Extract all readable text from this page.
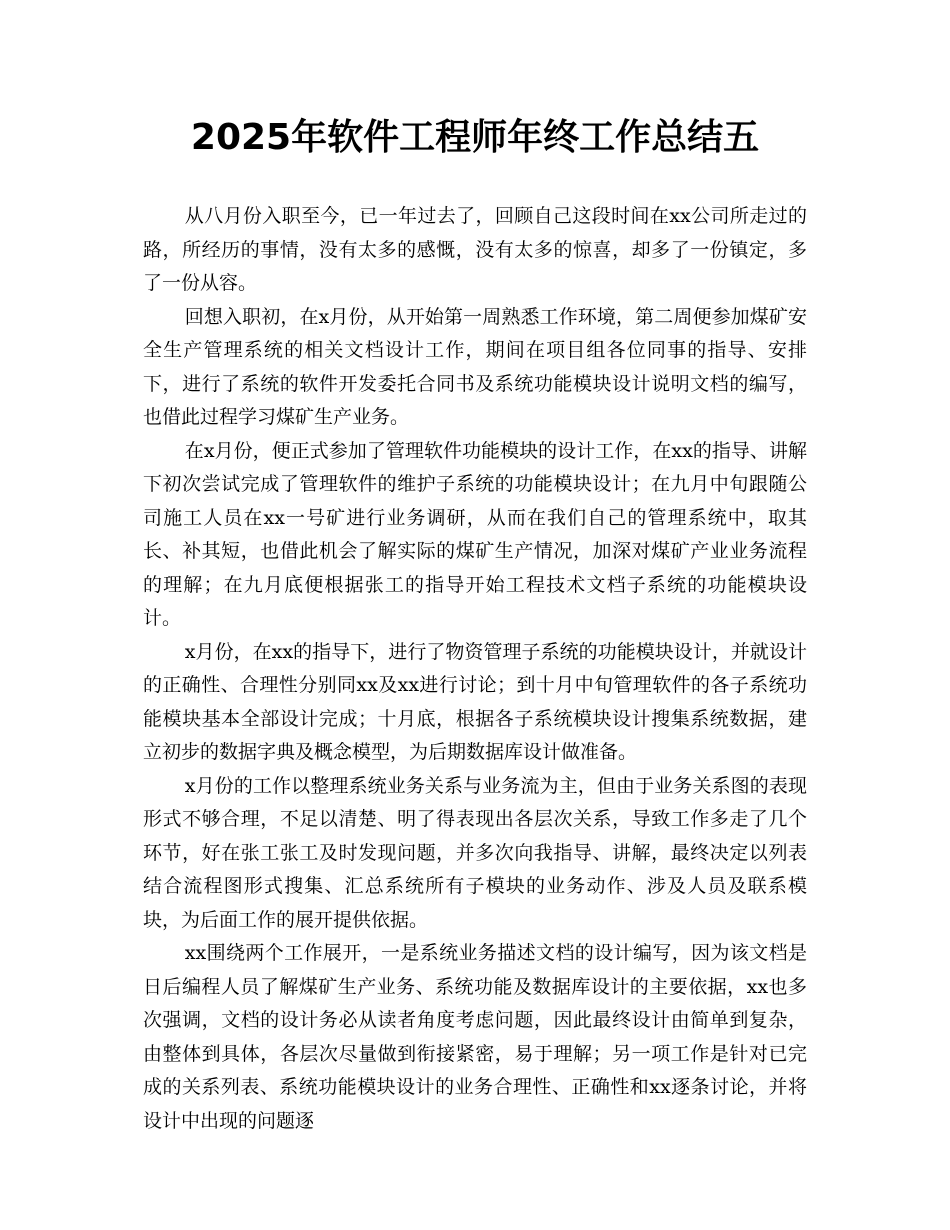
2025年软件工程师年终工作总结五

从八月份入职至今，已一年过去了，回顾自己这段时间在xx公司所走过的路，所经历的事情，没有太多的感慨，没有太多的惊喜，却多了一份镇定，多了一份从容。

回想入职初，在x月份，从开始第一周熟悉工作环境，第二周便参加煤矿安全生产管理系统的相关文档设计工作，期间在项目组各位同事的指导、安排下，进行了系统的软件开发委托合同书及系统功能模块设计说明文档的编写，也借此过程学习煤矿生产业务。

在x月份，便正式参加了管理软件功能模块的设计工作，在xx的指导、讲解下初次尝试完成了管理软件的维护子系统的功能模块设计；在九月中旬跟随公司施工人员在xx一号矿进行业务调研，从而在我们自己的管理系统中，取其长、补其短，也借此机会了解实际的煤矿生产情况，加深对煤矿产业业务流程的理解；在九月底便根据张工的指导开始工程技术文档子系统的功能模块设计。

x月份，在xx的指导下，进行了物资管理子系统的功能模块设计，并就设计的正确性、合理性分别同xx及xx进行讨论；到十月中旬管理软件的各子系统功能模块基本全部设计完成；十月底，根据各子系统模块设计搜集系统数据，建立初步的数据字典及概念模型，为后期数据库设计做准备。

x月份的工作以整理系统业务关系与业务流为主，但由于业务关系图的表现形式不够合理，不足以清楚、明了得表现出各层次关系，导致工作多走了几个环节，好在张工张工及时发现问题，并多次向我指导、讲解，最终决定以列表结合流程图形式搜集、汇总系统所有子模块的业务动作、涉及人员及联系模块，为后面工作的展开提供依据。

xx围绕两个工作展开，一是系统业务描述文档的设计编写，因为该文档是日后编程人员了解煤矿生产业务、系统功能及数据库设计的主要依据，xx也多次强调，文档的设计务必从读者角度考虑问题，因此最终设计由简单到复杂，由整体到具体，各层次尽量做到衔接紧密，易于理解；另一项工作是针对已完成的关系列表、系统功能模块设计的业务合理性、正确性和xx逐条讨论，并将设计中出现的问题逐
